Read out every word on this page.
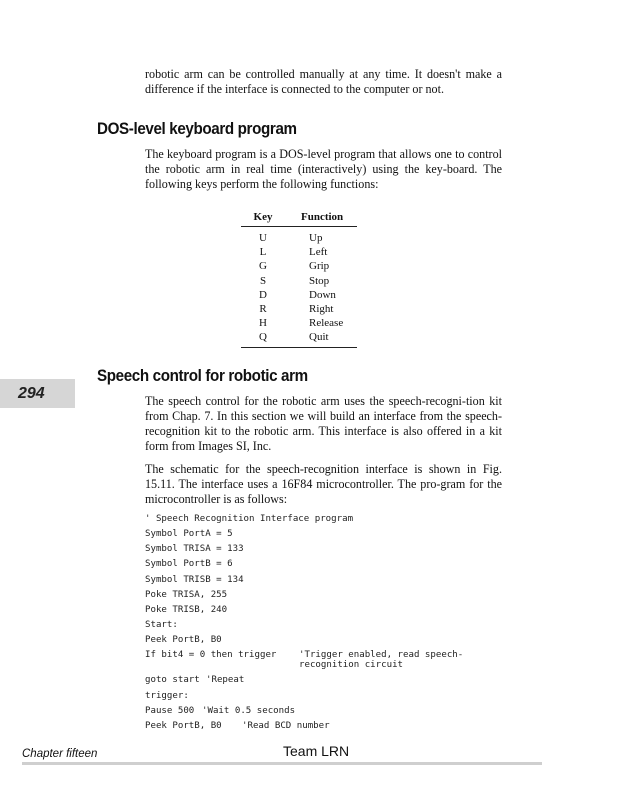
robotic arm can be controlled manually at any time. It doesn't make a difference if the interface is connected to the computer or not.
DOS-level keyboard program
The keyboard program is a DOS-level program that allows one to control the robotic arm in real time (interactively) using the key-board. The following keys perform the following functions:
Key	Function
U	Up
L	Left
G	Grip
S	Stop
D	Down
R	Right
H	Release
Q	Quit
Speech control for robotic arm
294	The speech control for the robotic arm uses the speech-recogni-tion kit from Chap. 7. In this section we will build an interface from the speech-recognition kit to the robotic arm. This interface is also offered in a kit form from Images SI, Inc.
The schematic for the speech-recognition interface is shown in Fig. 15.11. The interface uses a 16F84 microcontroller. The pro-gram for the microcontroller is as follows:
' Speech Recognition Interface program
Symbol PortA = 5
Symbol TRISA = 133
Symbol PortB = 6
Symbol TRISB = 134
Poke TRISA, 255
Poke TRISB, 240
Start:
Peek PortB, B0
If bit4 = 0 then trigger 'Trigger enabled, read speech-
recognition circuit
goto start 'Repeat
trigger:
Pause 500 'Wait 0.5 seconds
Peek PortB, B0 'Read BCD number
Chapter fifteen	Team LRN
